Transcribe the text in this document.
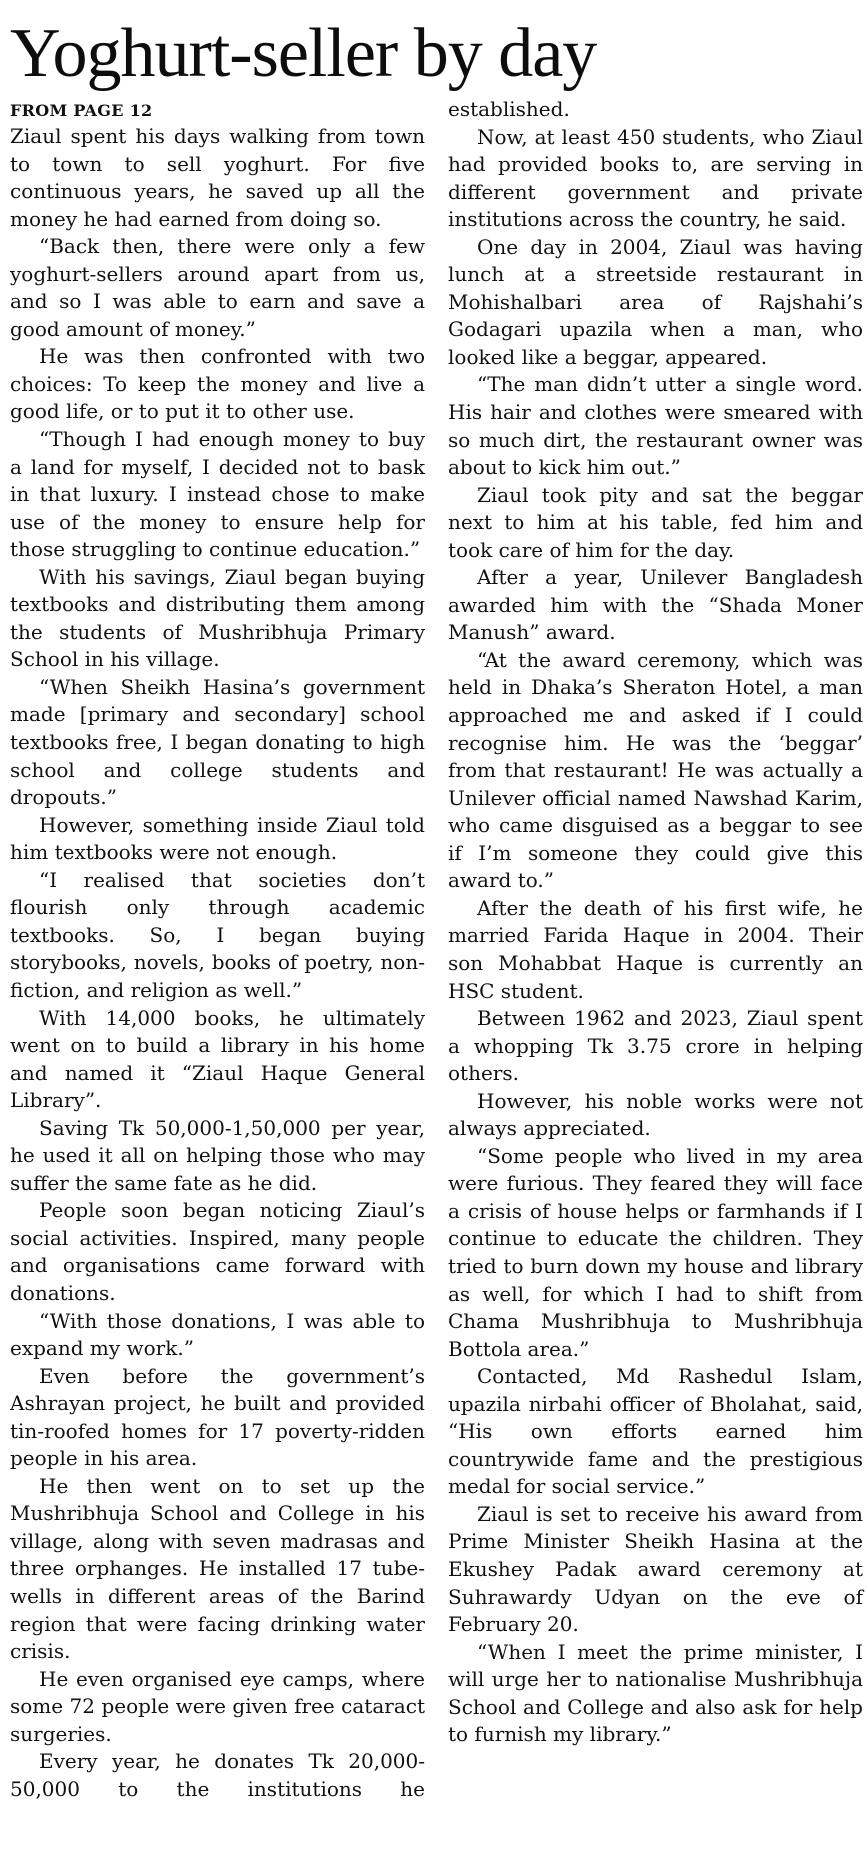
Yoghurt-seller by day
FROM PAGE 12

Ziaul spent his days walking from town to town to sell yoghurt. For five continuous years, he saved up all the money he had earned from doing so.

“Back then, there were only a few yoghurt-sellers around apart from us, and so I was able to earn and save a good amount of money.”

He was then confronted with two choices: To keep the money and live a good life, or to put it to other use.

“Though I had enough money to buy a land for myself, I decided not to bask in that luxury. I instead chose to make use of the money to ensure help for those struggling to continue education.”

With his savings, Ziaul began buying textbooks and distributing them among the students of Mushribhuja Primary School in his village.

“When Sheikh Hasina’s government made [primary and secondary] school textbooks free, I began donating to high school and college students and dropouts.”

However, something inside Ziaul told him textbooks were not enough.

“I realised that societies don’t flourish only through academic textbooks. So, I began buying storybooks, novels, books of poetry, non-fiction, and religion as well.”

With 14,000 books, he ultimately went on to build a library in his home and named it “Ziaul Haque General Library”.

Saving Tk 50,000-1,50,000 per year, he used it all on helping those who may suffer the same fate as he did.

People soon began noticing Ziaul’s social activities. Inspired, many people and organisations came forward with donations.

“With those donations, I was able to expand my work.”

Even before the government’s Ashrayan project, he built and provided tin-roofed homes for 17 poverty-ridden people in his area.

He then went on to set up the Mushribhuja School and College in his village, along with seven madrasas and three orphanges. He installed 17 tube-wells in different areas of the Barind region that were facing drinking water crisis.

He even organised eye camps, where some 72 people were given free cataract surgeries.

Every year, he donates Tk 20,000-50,000 to the institutions he

established.

Now, at least 450 students, who Ziaul had provided books to, are serving in different government and private institutions across the country, he said.

One day in 2004, Ziaul was having lunch at a streetside restaurant in Mohishalbari area of Rajshahi’s Godagari upazila when a man, who looked like a beggar, appeared.

“The man didn’t utter a single word. His hair and clothes were smeared with so much dirt, the restaurant owner was about to kick him out.”

Ziaul took pity and sat the beggar next to him at his table, fed him and took care of him for the day.

After a year, Unilever Bangladesh awarded him with the “Shada Moner Manush” award.

“At the award ceremony, which was held in Dhaka’s Sheraton Hotel, a man approached me and asked if I could recognise him. He was the ‘beggar’ from that restaurant! He was actually a Unilever official named Nawshad Karim, who came disguised as a beggar to see if I’m someone they could give this award to.”

After the death of his first wife, he married Farida Haque in 2004. Their son Mohabbat Haque is currently an HSC student.

Between 1962 and 2023, Ziaul spent a whopping Tk 3.75 crore in helping others.

However, his noble works were not always appreciated.

“Some people who lived in my area were furious. They feared they will face a crisis of house helps or farmhands if I continue to educate the children. They tried to burn down my house and library as well, for which I had to shift from Chama Mushribhuja to Mushribhuja Bottola area.”

Contacted, Md Rashedul Islam, upazila nirbahi officer of Bholahat, said, “His own efforts earned him countrywide fame and the prestigious medal for social service.”

Ziaul is set to receive his award from Prime Minister Sheikh Hasina at the Ekushey Padak award ceremony at Suhrawardy Udyan on the eve of February 20.

“When I meet the prime minister, I will urge her to nationalise Mushribhuja School and College and also ask for help to furnish my library.”
